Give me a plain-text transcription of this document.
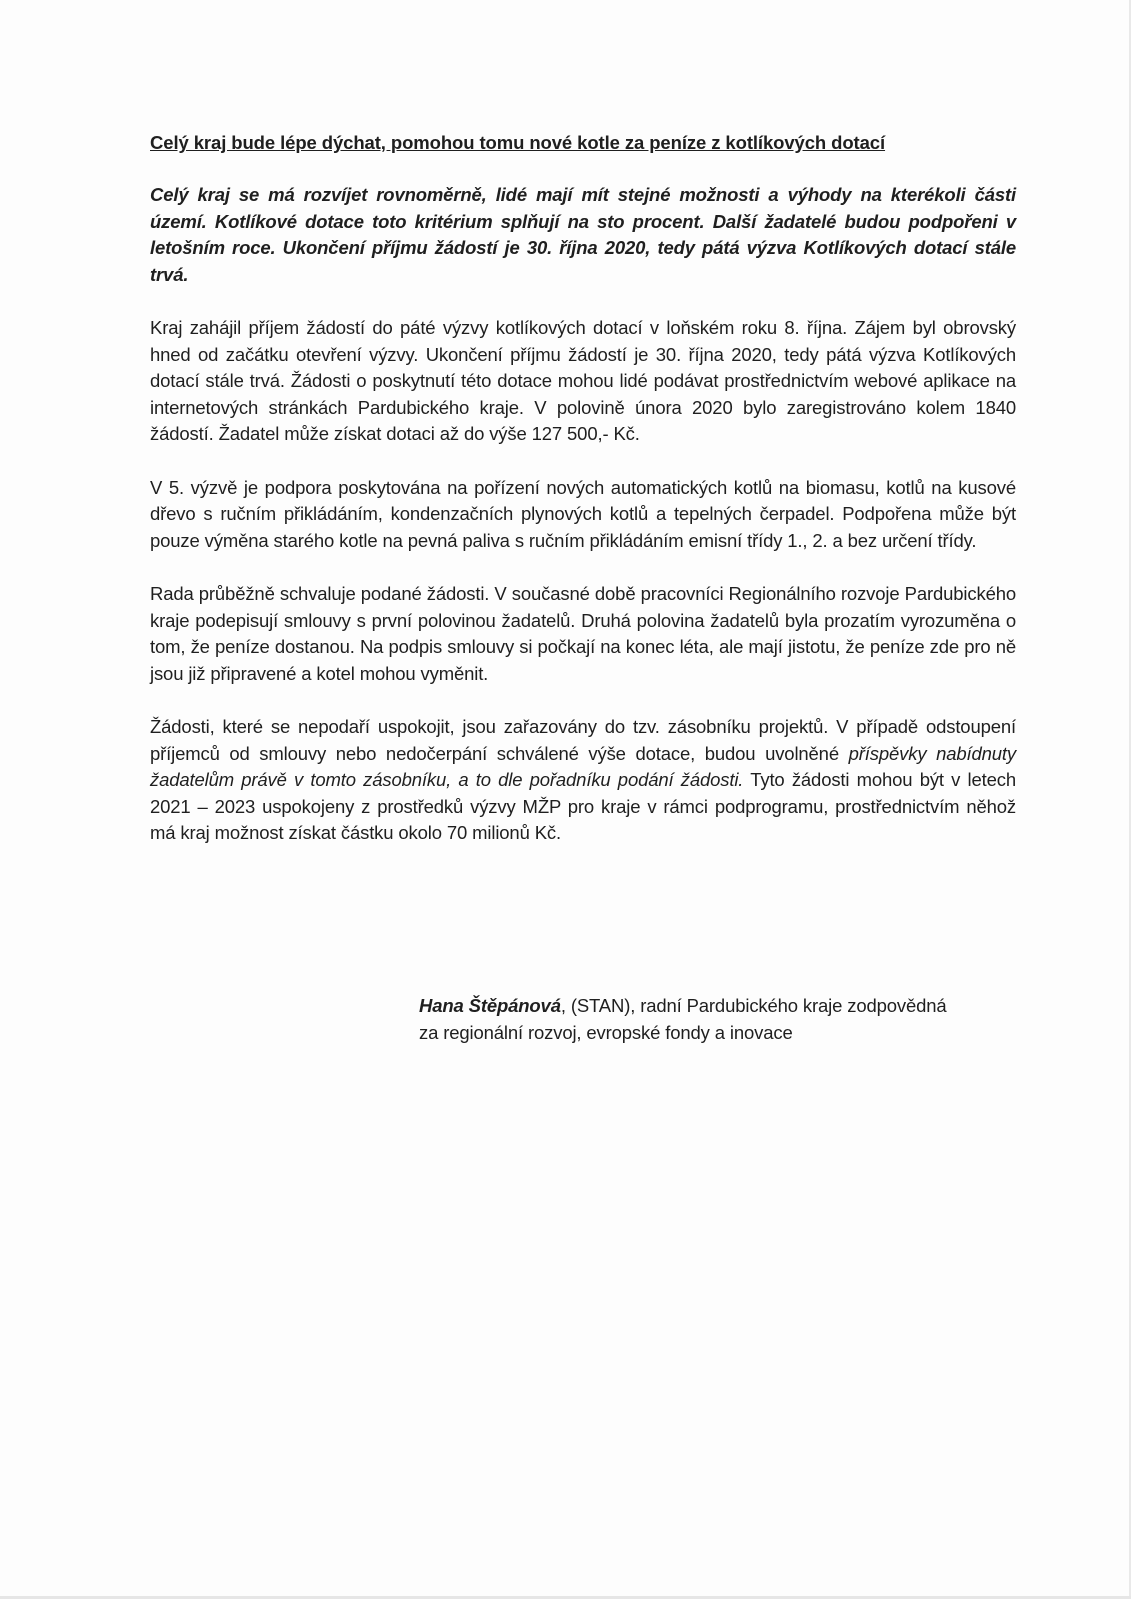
Celý kraj bude lépe dýchat, pomohou tomu nové kotle za peníze z kotlíkových dotací
Celý kraj se má rozvíjet rovnoměrně, lidé mají mít stejné možnosti a výhody na kterékoli části území. Kotlíkové dotace toto kritérium splňují na sto procent. Další žadatelé budou podpořeni v letošním roce. Ukončení příjmu žádostí je 30. října 2020, tedy pátá výzva Kotlíkových dotací stále trvá.
Kraj zahájil příjem žádostí do páté výzvy kotlíkových dotací v loňském roku 8. října. Zájem byl obrovský hned od začátku otevření výzvy. Ukončení příjmu žádostí je 30. října 2020, tedy pátá výzva Kotlíkových dotací stále trvá. Žádosti o poskytnutí této dotace mohou lidé podávat prostřednictvím webové aplikace na internetových stránkách Pardubického kraje. V polovině února 2020 bylo zaregistrováno kolem 1840 žádostí. Žadatel může získat dotaci až do výše 127 500,- Kč.
V 5. výzvě je podpora poskytována na pořízení nových automatických kotlů na biomasu, kotlů na kusové dřevo s ručním přikládáním, kondenzačních plynových kotlů a tepelných čerpadel. Podpořena může být pouze výměna starého kotle na pevná paliva s ručním přikládáním emisní třídy 1., 2. a bez určení třídy.
Rada průběžně schvaluje podané žádosti. V současné době pracovníci Regionálního rozvoje Pardubického kraje podepisují smlouvy s první polovinou žadatelů. Druhá polovina žadatelů byla prozatím vyrozuměna o tom, že peníze dostanou. Na podpis smlouvy si počkají na konec léta, ale mají jistotu, že peníze zde pro ně jsou již připravené a kotel mohou vyměnit.
Žádosti, které se nepodaří uspokojit, jsou zařazovány do tzv. zásobníku projektů. V případě odstoupení příjemců od smlouvy nebo nedočerpání schválené výše dotace, budou uvolněné příspěvky nabídnuty žadatelům právě v tomto zásobníku, a to dle pořadníku podání žádosti. Tyto žádosti mohou být v letech 2021 – 2023 uspokojeny z prostředků výzvy MŽP pro kraje v rámci podprogramu, prostřednictvím něhož má kraj možnost získat částku okolo 70 milionů Kč.
Hana Štěpánová, (STAN), radní Pardubického kraje zodpovědná
za regionální rozvoj, evropské fondy a inovace
